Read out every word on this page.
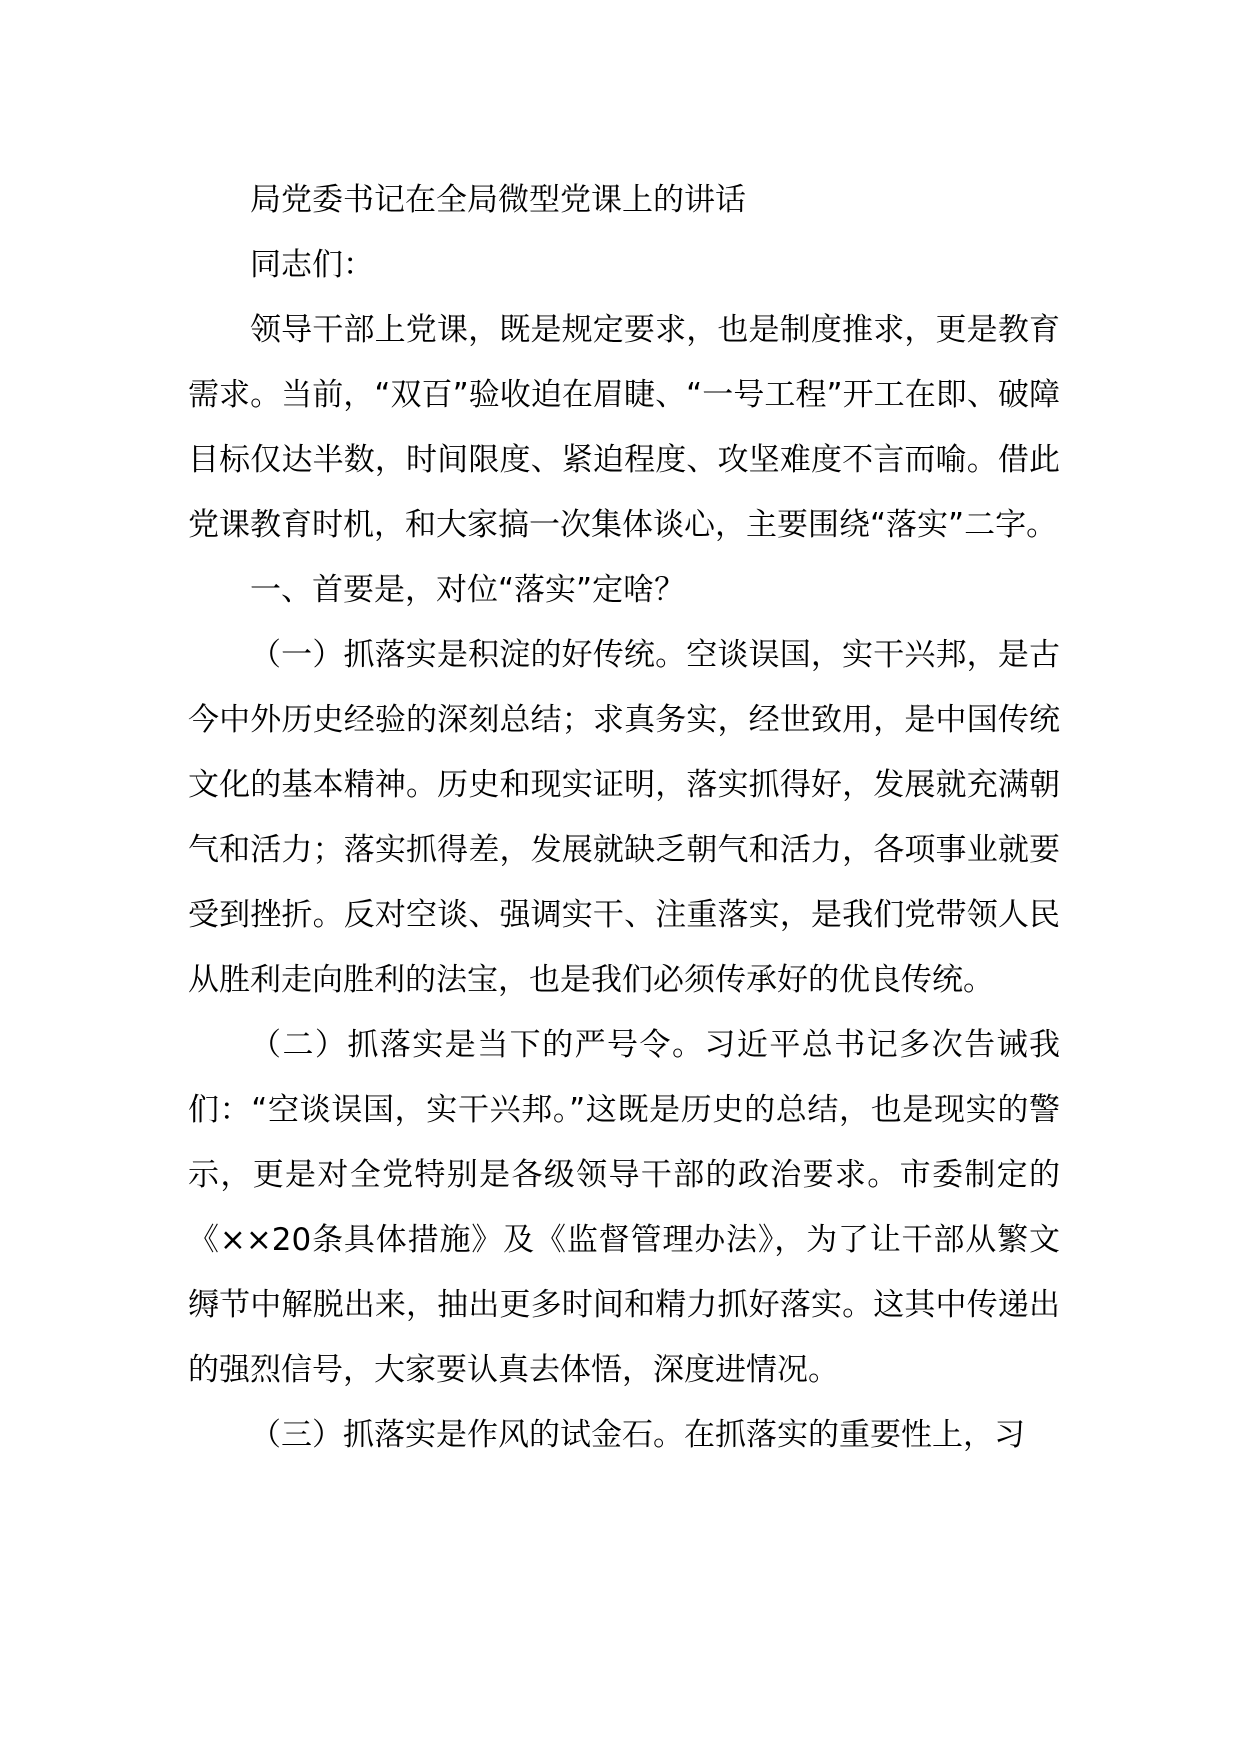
局党委书记在全局微型党课上的讲话

同志们：

领导干部上党课，既是规定要求，也是制度推求，更是教育需求。当前，“双百”验收迫在眉睫、“一号工程”开工在即、破障目标仅达半数，时间限度、紧迫程度、攻坚难度不言而喻。借此党课教育时机，和大家搞一次集体谈心，主要围绕“落实”二字。

一、首要是，对位“落实”定啥？

（一）抓落实是积淀的好传统。空谈误国，实干兴邦，是古今中外历史经验的深刻总结；求真务实，经世致用，是中国传统文化的基本精神。历史和现实证明，落实抓得好，发展就充满朝气和活力；落实抓得差，发展就缺乏朝气和活力，各项事业就要受到挫折。反对空谈、强调实干、注重落实，是我们党带领人民从胜利走向胜利的法宝，也是我们必须传承好的优良传统。

（二）抓落实是当下的严号令。习近平总书记多次告诫我们：“空谈误国，实干兴邦。”这既是历史的总结，也是现实的警示，更是对全党特别是各级领导干部的政治要求。市委制定的《××20条具体措施》及《监督管理办法》，为了让干部从繁文缛节中解脱出来，抽出更多时间和精力抓好落实。这其中传递出的强烈信号，大家要认真去体悟，深度进情况。

（三）抓落实是作风的试金石。在抓落实的重要性上，习
